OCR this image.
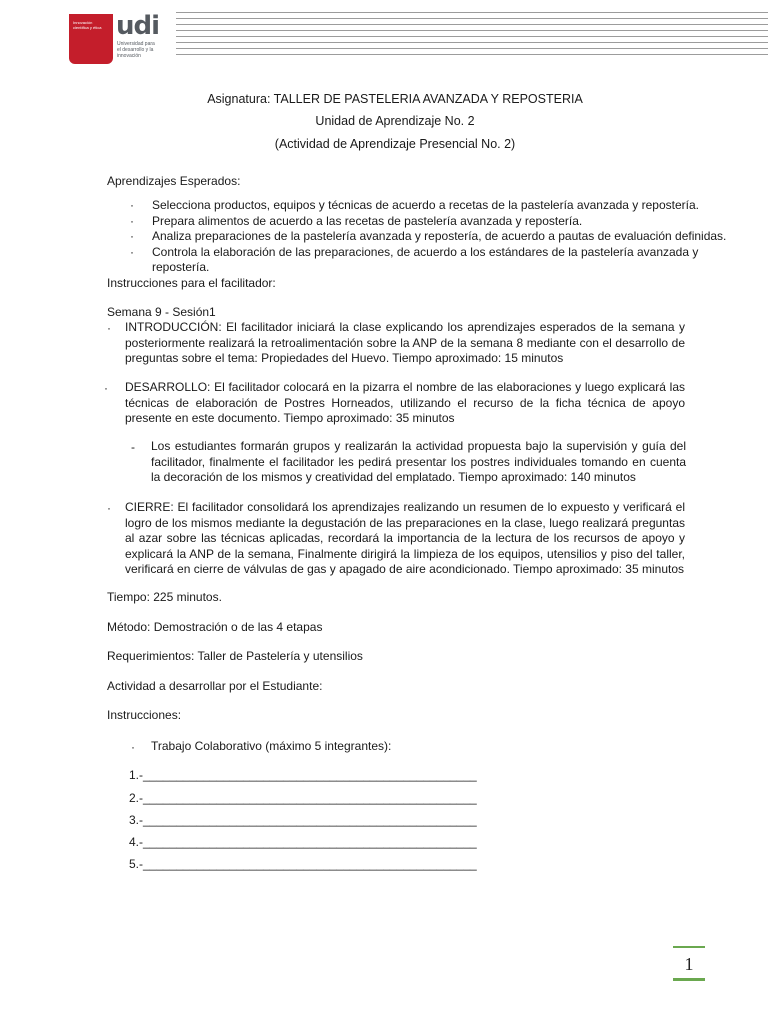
Innovación científica y ética udi
Universidad para el desarrollo y la innovación
Asignatura: TALLER DE PASTELERIA AVANZADA Y REPOSTERIA
Unidad de Aprendizaje No. 2
(Actividad de Aprendizaje Presencial No. 2)
Aprendizajes Esperados:
· Selecciona productos, equipos y técnicas de acuerdo a recetas de la pastelería avanzada y repostería.
· Prepara alimentos de acuerdo a las recetas de pastelería avanzada y repostería.
· Analiza preparaciones de la pastelería avanzada y repostería, de acuerdo a pautas de evaluación definidas.
· Controla la elaboración de las preparaciones, de acuerdo a los estándares de la pastelería avanzada y repostería.
Instrucciones para el facilitador:
Semana 9 - Sesión1
· INTRODUCCIÓN: El facilitador iniciará la clase explicando los aprendizajes esperados de la semana y posteriormente realizará la retroalimentación sobre la ANP de la semana 8 mediante con el desarrollo de preguntas sobre el tema: Propiedades del Huevo. Tiempo aproximado: 15 minutos
· DESARROLLO: El facilitador colocará en la pizarra el nombre de las elaboraciones y luego explicará las técnicas de elaboración de Postres Horneados, utilizando el recurso de la ficha técnica de apoyo presente en este documento. Tiempo aproximado: 35 minutos
- Los estudiantes formarán grupos y realizarán la actividad propuesta bajo la supervisión y guía del facilitador, finalmente el facilitador les pedirá presentar los postres individuales tomando en cuenta la decoración de los mismos y creatividad del emplatado. Tiempo aproximado: 140 minutos
· CIERRE: El facilitador consolidará los aprendizajes realizando un resumen de lo expuesto y verificará el logro de los mismos mediante la degustación de las preparaciones en la clase, luego realizará preguntas al azar sobre las técnicas aplicadas, recordará la importancia de la lectura de los recursos de apoyo y explicará la ANP de la semana, Finalmente dirigirá la limpieza de los equipos, utensilios y piso del taller, verificará en cierre de válvulas de gas y apagado de aire acondicionado. Tiempo aproximado: 35 minutos
Tiempo: 225 minutos.
Método: Demostración o de las 4 etapas
Requerimientos: Taller de Pastelería y utensilios
Actividad a desarrollar por el Estudiante:
Instrucciones:
· Trabajo Colaborativo (máximo 5 integrantes):
1.-__________________________________________________
2.-__________________________________________________
3.-__________________________________________________
4.-__________________________________________________
5.-__________________________________________________
1
